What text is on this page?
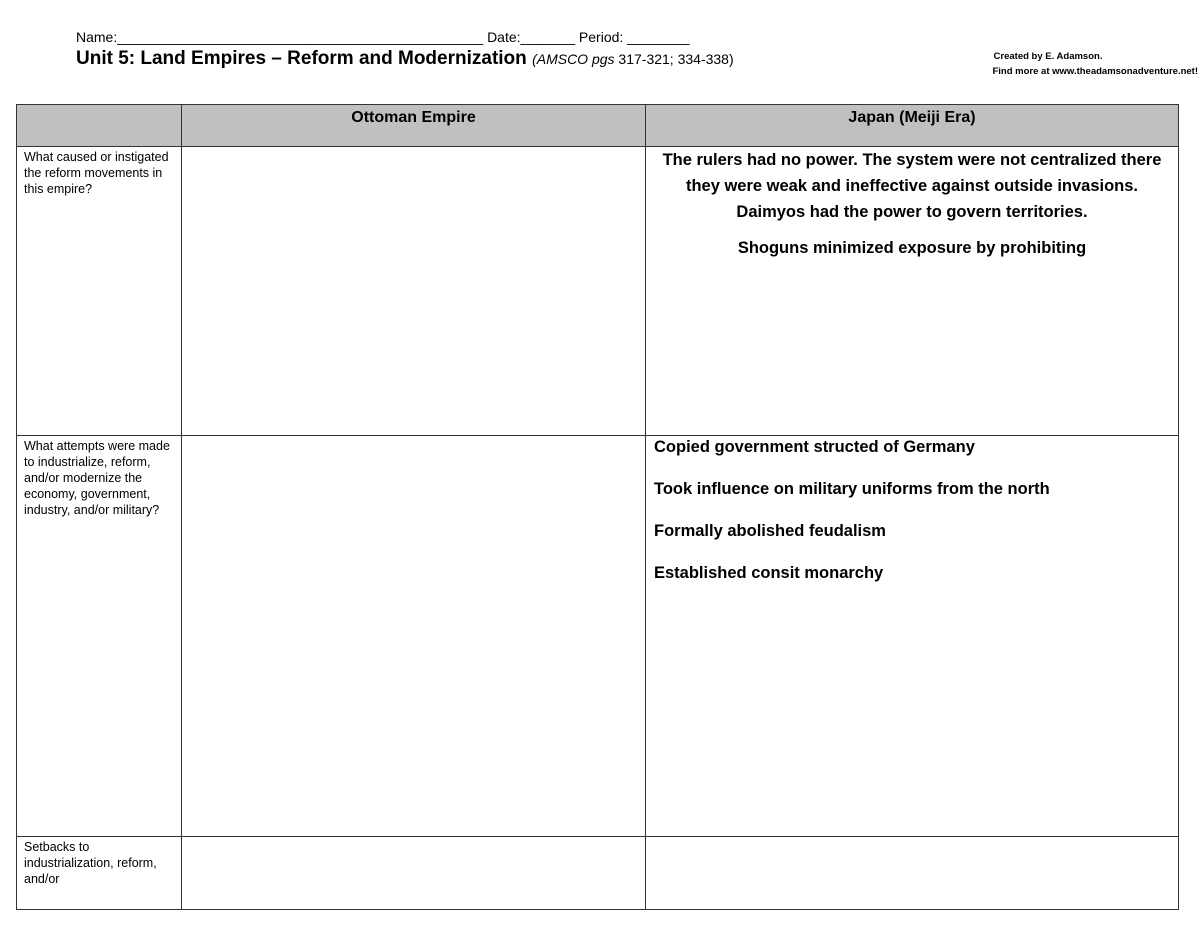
Name:_______________________________________________ Date:_______ Period: ________
Unit 5: Land Empires – Reform and Modernization (AMSCO pgs 317-321; 334-338)	Created by E. Adamson.
Find more at www.theadamsonadventure.net!
	Ottoman Empire	Japan (Meiji Era)

What caused or instigated the reform movements in this empire?		The rulers had no power. The system were not centralized there they were weak and ineffective against outside invasions. Daimyos had the power to govern territories.

Shoguns minimized exposure by prohibiting

What attempts were made to industrialize, reform, and/or modernize the economy, government, industry, and/or military?		Copied government structed of Germany

Took influence on military uniforms from the north

Formally abolished feudalism

Established consit monarchy

Setbacks to industrialization, reform, and/or		
